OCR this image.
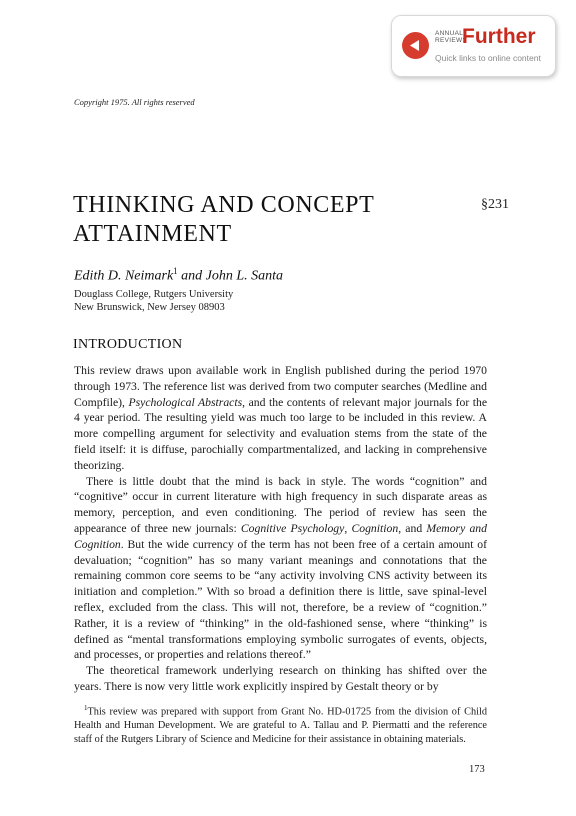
ANNUAL
REVIEWS
Further
Quick links to online content
Copyright 1975. All rights reserved
THINKING AND CONCEPT ATTAINMENT
§231
Edith D. Neimark$^1$ and John L. Santa
Douglass College, Rutgers University
New Brunswick, New Jersey 08903
INTRODUCTION

This review draws upon available work in English published during the period 1970 through 1973. The reference list was derived from two computer searches (Medline and Compfile), Psychological Abstracts, and the contents of relevant major journals for the 4 year period. The resulting yield was much too large to be included in this review. A more compelling argument for selectivity and evaluation stems from the state of the field itself: it is diffuse, parochially compartmentalized, and lacking in comprehensive theorizing.

There is little doubt that the mind is back in style. The words “cognition” and “cognitive” occur in current literature with high frequency in such disparate areas as memory, perception, and even conditioning. The period of review has seen the appearance of three new journals: Cognitive Psychology, Cognition, and Memory and Cognition. But the wide currency of the term has not been free of a certain amount of devaluation; “cognition” has so many variant meanings and connotations that the remaining common core seems to be “any activity involving CNS activity between its initiation and completion.” With so broad a definition there is little, save spinal-level reflex, excluded from the class. This will not, therefore, be a review of “cognition.” Rather, it is a review of “thinking” in the old-fashioned sense, where “thinking” is defined as “mental transformations employing symbolic surrogates of events, objects, and processes, or properties and relations thereof.”

The theoretical framework underlying research on thinking has shifted over the years. There is now very little work explicitly inspired by Gestalt theory or by

$^1$This review was prepared with support from Grant No. HD-01725 from the division of Child Health and Human Development. We are grateful to A. Tallau and P. Piermatti and the reference staff of the Rutgers Library of Science and Medicine for their assistance in obtaining materials.
173
